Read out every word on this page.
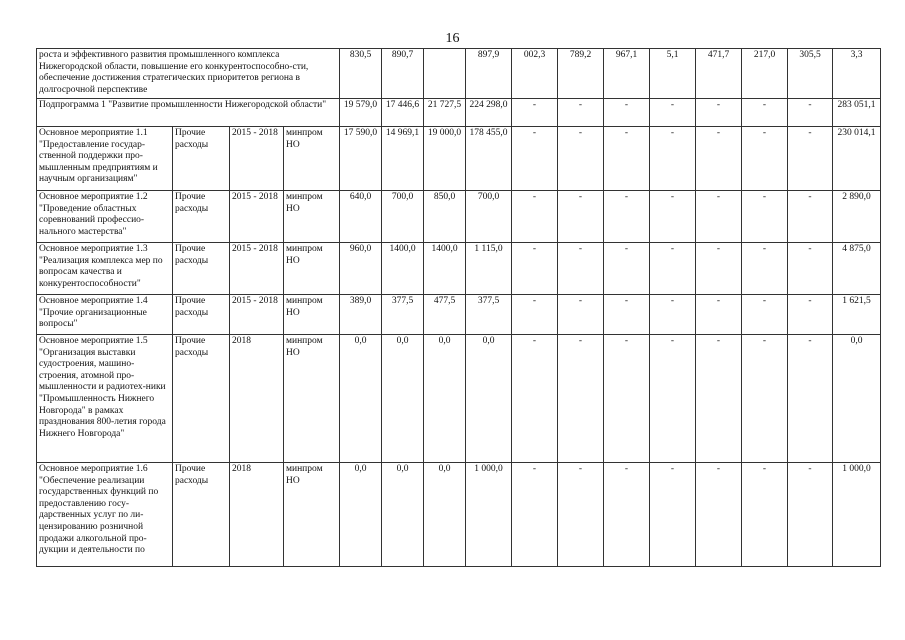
16
роста и эффективного развития промышленного комплекса Нижегородской области, повышение его конкурентоспособно-сти, обеспечение достижения стратегических приоритетов региона в долгосрочной перспективе				830,5	890,7		897,9	002,3	789,2	967,1	5,1	471,7	217,0	305,5	3,3
Подпрограмма 1 "Развитие промышленности Нижегородской области"				19 579,0	17 446,6	21 727,5	224 298,0	-	-	-	-	-	-	-	283 051,1
Основное мероприятие 1.1 "Предоставление государ-ственной поддержки про-мышленным предприятиям и научным организациям"	Прочие расходы	2015 - 2018	минпром НО	17 590,0	14 969,1	19 000,0	178 455,0	-	-	-	-	-	-	-	230 014,1
Основное мероприятие 1.2 "Проведение областных соревнований профессио-нального мастерства"	Прочие расходы	2015 - 2018	минпром НО	640,0	700,0	850,0	700,0	-	-	-	-	-	-	-	2 890,0
Основное мероприятие 1.3 "Реализация комплекса мер по вопросам качества и конкурентоспособности"	Прочие расходы	2015 - 2018	минпром НО	960,0	1400,0	1400,0	1 115,0	-	-	-	-	-	-	-	4 875,0
Основное мероприятие 1.4 "Прочие организационные вопросы"	Прочие расходы	2015 - 2018	минпром НО	389,0	377,5	477,5	377,5	-	-	-	-	-	-	-	1 621,5
Основное мероприятие 1.5 "Организация выставки судостроения, машино-строения, атомной про-мышленности и радиотех-ники "Промышленность Нижнего Новгорода" в рамках празднования 800-летия города Нижнего Новгорода"	Прочие расходы	2018	минпром НО	0,0	0,0	0,0	0,0	-	-	-	-	-	-	-	0,0
Основное мероприятие 1.6 "Обеспечение реализации государственных функций по предоставлению госу-дарственных услуг по ли-цензированию розничной продажи алкогольной про-дукции и деятельности по	Прочие расходы	2018	минпром НО	0,0	0,0	0,0	1 000,0	-	-	-	-	-	-	-	1 000,0
